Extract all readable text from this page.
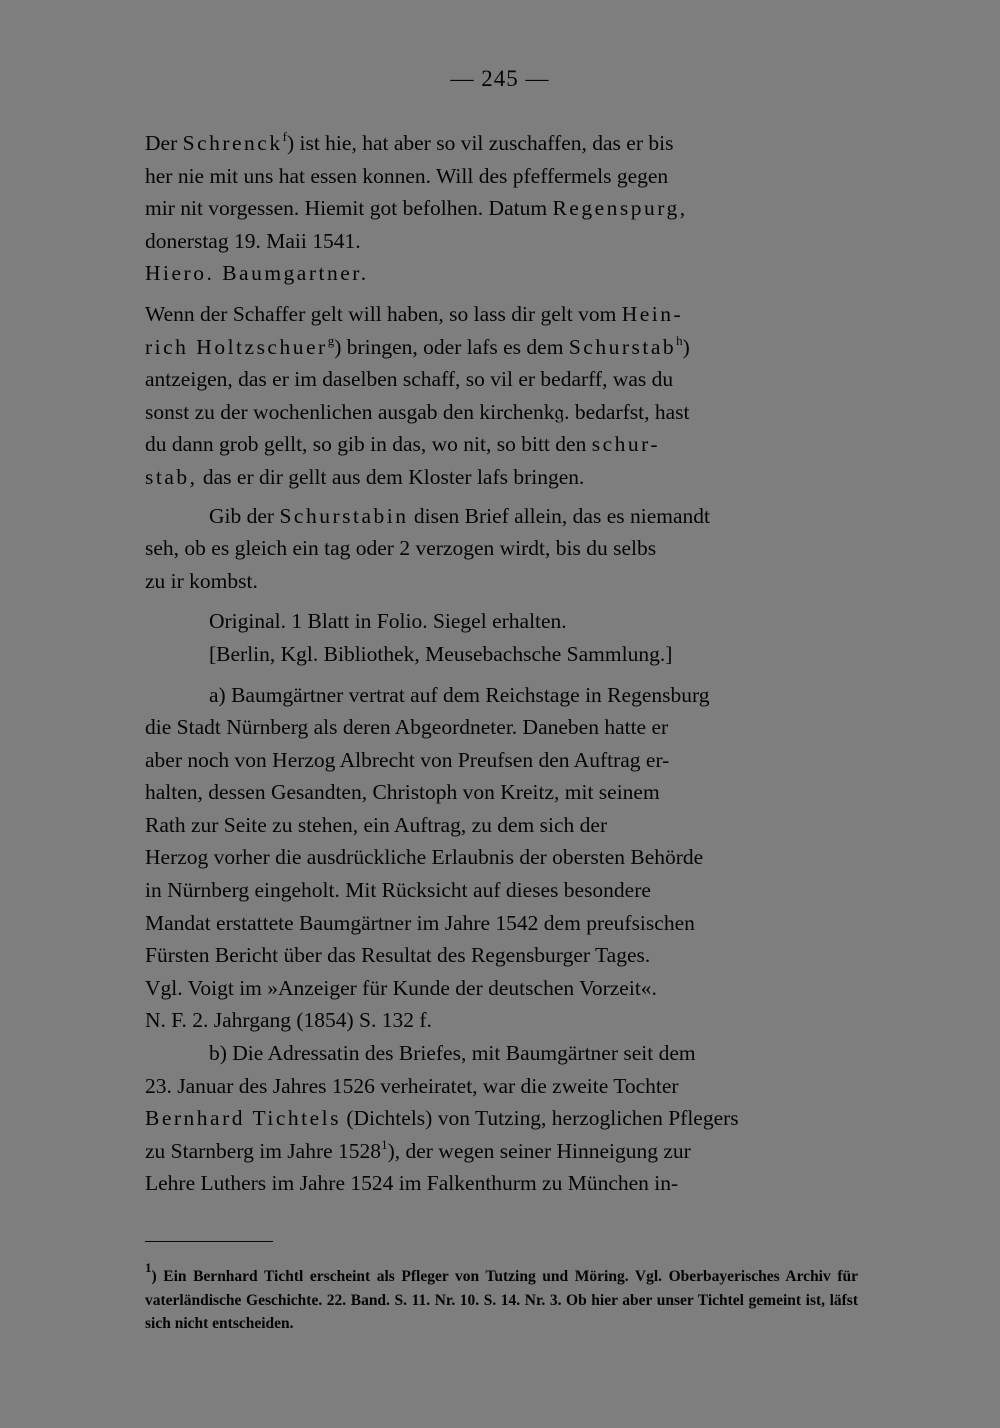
— 245 —

Der Schrenck$^f$) ist hie, hat aber so vil zuschaffen, das er bis
her nie mit uns hat essen konnen. Will des pfeffermels gegen
mir nit vorgessen. Hiemit got befolhen. Datum Regenspurg,
donerstag 19. Maii 1541.

Hiero. Baumgartner.

Wenn der Schaffer gelt will haben, so lass dir gelt vom Hein-
rich Holtzschuer$^g$) bringen, oder lafs es dem Schurstab$^h$)
antzeigen, das er im daselben schaff, so vil er bedarff, was du
sonst zu der wochenlichen ausgab den kirchenk𝔤. bedarfst, hast
du dann grob gellt, so gib in das, wo nit, so bitt den schur-
stab, das er dir gellt aus dem Kloster lafs bringen.

Gib der Schurstabin disen Brief allein, das es niemandt
seh, ob es gleich ein tag oder 2 verzogen wirdt, bis du selbs
zu ir kombst.

Original. 1 Blatt in Folio. Siegel erhalten.
[Berlin, Kgl. Bibliothek, Meusebachsche Sammlung.]

a) Baumgärtner vertrat auf dem Reichstage in Regensburg
die Stadt Nürnberg als deren Abgeordneter. Daneben hatte er
aber noch von Herzog Albrecht von Preufsen den Auftrag er-
halten, dessen Gesandten, Christoph von Kreitz, mit seinem
Rath zur Seite zu stehen, ein Auftrag, zu dem sich der
Herzog vorher die ausdrückliche Erlaubnis der obersten Behörde
in Nürnberg eingeholt. Mit Rücksicht auf dieses besondere
Mandat erstattete Baumgärtner im Jahre 1542 dem preufsischen
Fürsten Bericht über das Resultat des Regensburger Tages.
Vgl. Voigt im »Anzeiger für Kunde der deutschen Vorzeit«.
N. F. 2. Jahrgang (1854) S. 132 f.

b) Die Adressatin des Briefes, mit Baumgärtner seit dem
23. Januar des Jahres 1526 verheiratet, war die zweite Tochter
Bernhard Tichtels (Dichtels) von Tutzing, herzoglichen Pflegers
zu Starnberg im Jahre 1528$^1$), der wegen seiner Hinneigung zur
Lehre Luthers im Jahre 1524 im Falkenthurm zu München in-

$^1$) Ein Bernhard Tichtl erscheint als Pfleger von Tutzing und Möring. Vgl. Oberbayerisches Archiv für vaterländische Geschichte. 22. Band. S. 11. Nr. 10. S. 14. Nr. 3. Ob hier aber unser Tichtel gemeint ist, läfst sich nicht entscheiden.
